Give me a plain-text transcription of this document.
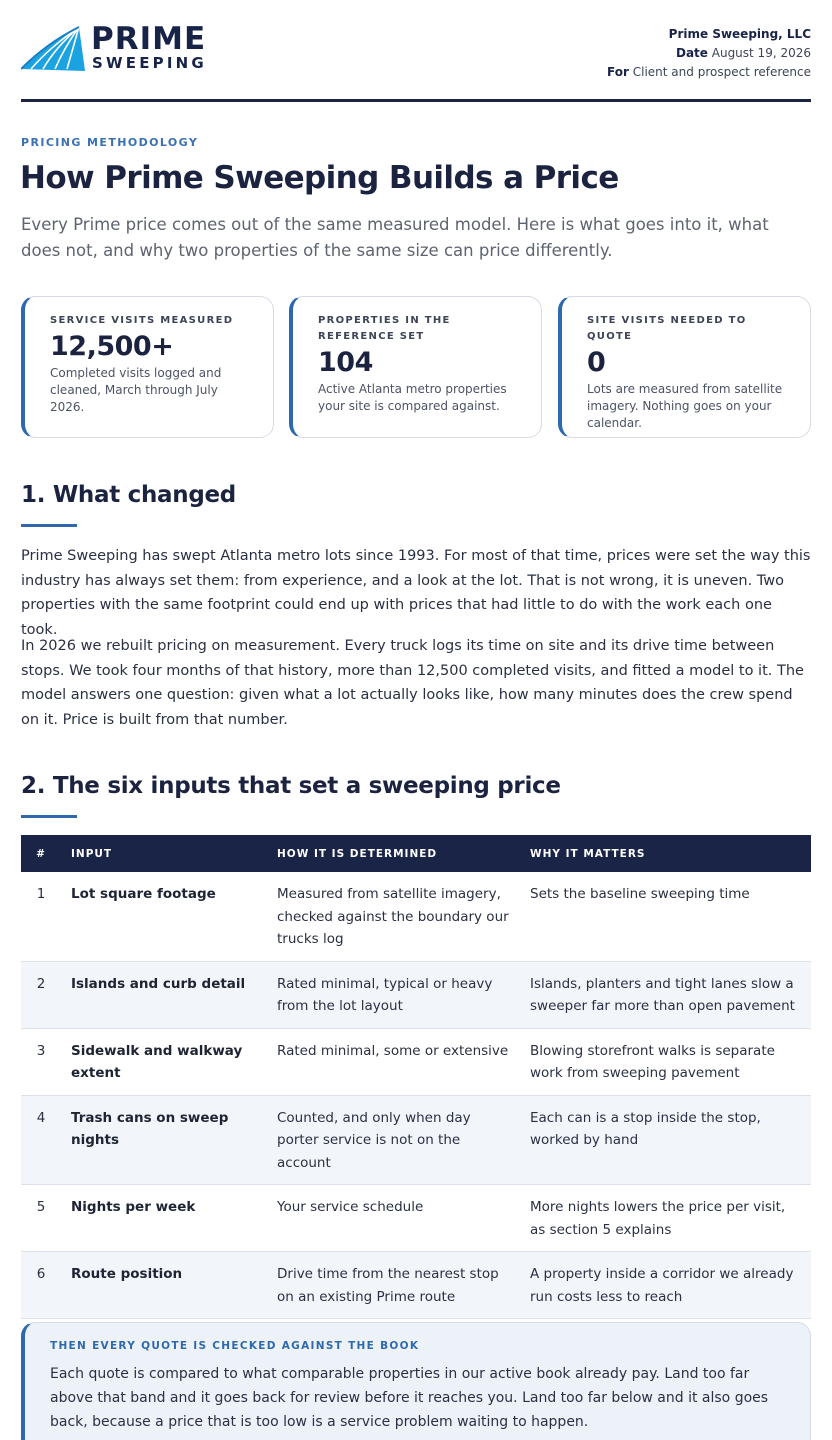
PRIME
SWEEPING
Prime Sweeping, LLC
Date August 19, 2026
For Client and prospect reference
PRICING METHODOLOGY
How Prime Sweeping Builds a Price
Every Prime price comes out of the same measured model. Here is what goes into it, what does not, and why two properties of the same size can price differently.
SERVICE VISITS MEASURED
12,500+
Completed visits logged and cleaned, March through July 2026.
PROPERTIES IN THE REFERENCE SET
104
Active Atlanta metro properties your site is compared against.
SITE VISITS NEEDED TO QUOTE
0
Lots are measured from satellite imagery. Nothing goes on your calendar.
1. What changed
Prime Sweeping has swept Atlanta metro lots since 1993. For most of that time, prices were set the way this industry has always set them: from experience, and a look at the lot. That is not wrong, it is uneven. Two properties with the same footprint could end up with prices that had little to do with the work each one took.
In 2026 we rebuilt pricing on measurement. Every truck logs its time on site and its drive time between stops. We took four months of that history, more than 12,500 completed visits, and fitted a model to it. The model answers one question: given what a lot actually looks like, how many minutes does the crew spend on it. Price is built from that number.
2. The six inputs that set a sweeping price
#	INPUT	HOW IT IS DETERMINED	WHY IT MATTERS
1	Lot square footage	Measured from satellite imagery, checked against the boundary our trucks log	Sets the baseline sweeping time
2	Islands and curb detail	Rated minimal, typical or heavy from the lot layout	Islands, planters and tight lanes slow a sweeper far more than open pavement
3	Sidewalk and walkway extent	Rated minimal, some or extensive	Blowing storefront walks is separate work from sweeping pavement
4	Trash cans on sweep nights	Counted, and only when day porter service is not on the account	Each can is a stop inside the stop, worked by hand
5	Nights per week	Your service schedule	More nights lowers the price per visit, as section 5 explains
6	Route position	Drive time from the nearest stop on an existing Prime route	A property inside a corridor we already run costs less to reach
THEN EVERY QUOTE IS CHECKED AGAINST THE BOOK
Each quote is compared to what comparable properties in our active book already pay. Land too far above that band and it goes back for review before it reaches you. Land too far below and it also goes back, because a price that is too low is a service problem waiting to happen.
